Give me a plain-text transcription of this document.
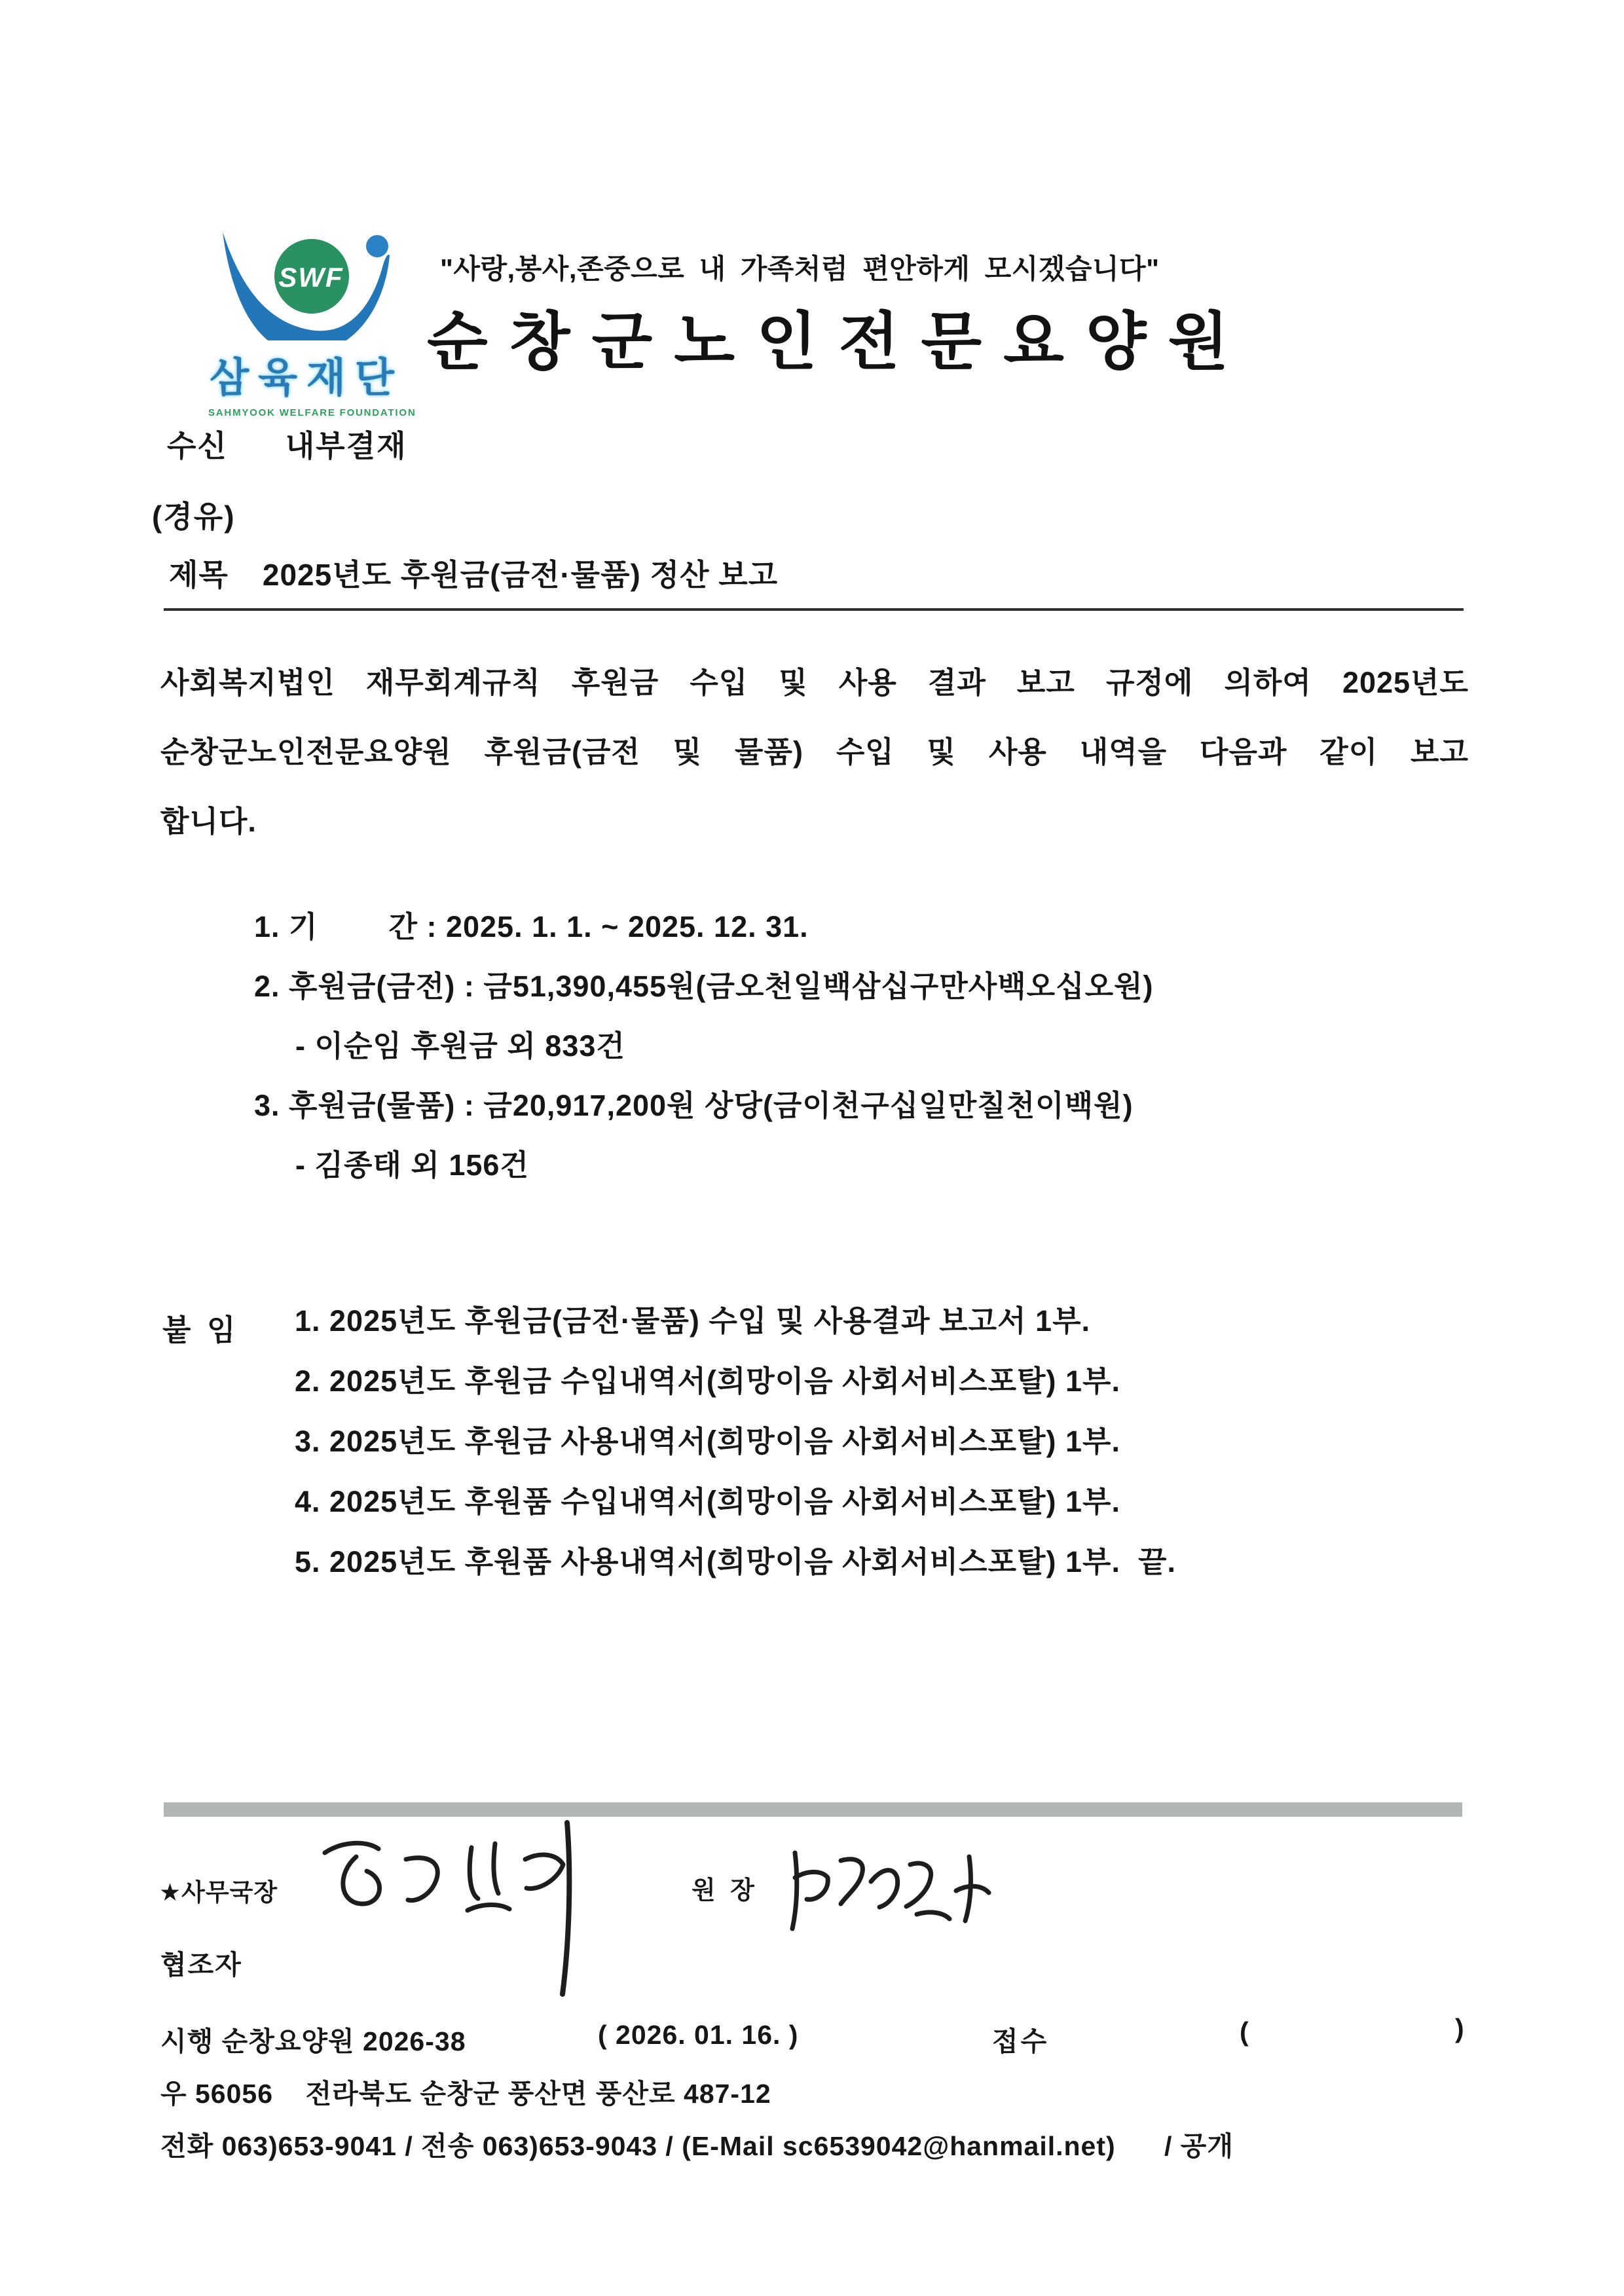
SWF
삼육재단
SAHMYOOK WELFARE FOUNDATION
"사랑,봉사,존중으로 내 가족처럼 편안하게 모시겠습니다"
순창군노인전문요양원
수신 내부결재
(경유)
제목 2025년도 후원금(금전·물품) 정산 보고
사회복지법인 재무회계규칙 후원금 수입 및 사용 결과 보고 규정에 의하여 2025년도
순창군노인전문요양원 후원금(금전 및 물품) 수입 및 사용 내역을 다음과 같이 보고
합니다.
1. 기        간 : 2025. 1. 1. ~ 2025. 12. 31.
2. 후원금(금전) : 금51,390,455원(금오천일백삼십구만사백오십오원)
- 이순임 후원금 외 833건
3. 후원금(물품) : 금20,917,200원 상당(금이천구십일만칠천이백원)
- 김종태 외 156건
붙 임 1. 2025년도 후원금(금전·물품) 수입 및 사용결과 보고서 1부.
2. 2025년도 후원금 수입내역서(희망이음 사회서비스포탈) 1부.
3. 2025년도 후원금 사용내역서(희망이음 사회서비스포탈) 1부.
4. 2025년도 후원품 수입내역서(희망이음 사회서비스포탈) 1부.
5. 2025년도 후원품 사용내역서(희망이음 사회서비스포탈) 1부.  끝.
★사무국장	원 장
협조자
시행 순창요양원 2026-38	( 2026. 01. 16. )	접수	(	)
우 56056    전라북도 순창군 풍산면 풍산로 487-12
전화 063)653-9041 / 전송 063)653-9043 / (E-Mail sc6539042@hanmail.net)      / 공개
